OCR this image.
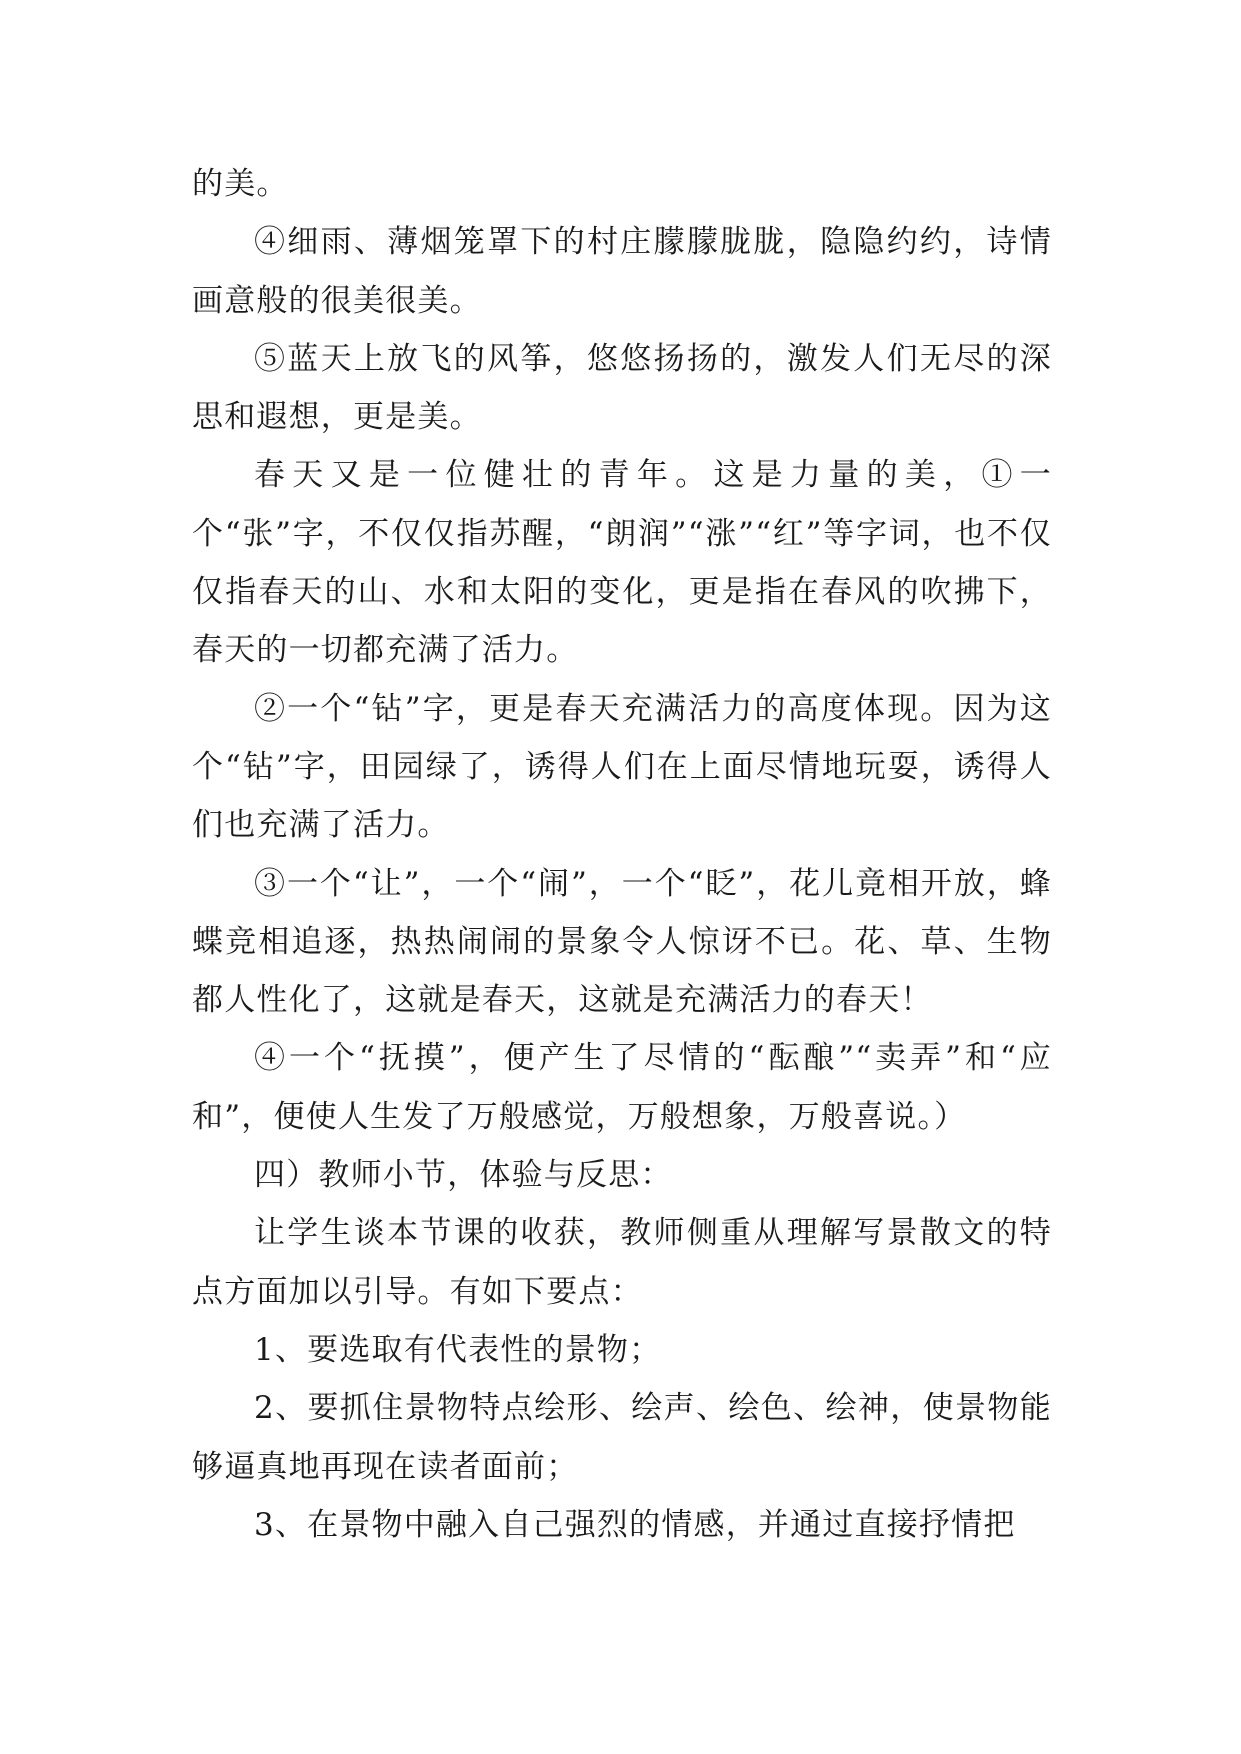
的美。

④细雨、薄烟笼罩下的村庄朦朦胧胧，隐隐约约，诗情画意般的很美很美。

⑤蓝天上放飞的风筝，悠悠扬扬的，激发人们无尽的深思和遐想，更是美。

春天又是一位健壮的青年。这是力量的美，①一个“张”字，不仅仅指苏醒，“朗润”“涨”“红”等字词，也不仅仅指春天的山、水和太阳的变化，更是指在春风的吹拂下，春天的一切都充满了活力。

②一个“钻”字，更是春天充满活力的高度体现。因为这个“钻”字，田园绿了，诱得人们在上面尽情地玩耍，诱得人们也充满了活力。

③一个“让”，一个“闹”，一个“眨”，花儿竟相开放，蜂蝶竞相追逐，热热闹闹的景象令人惊讶不已。花、草、生物都人性化了，这就是春天，这就是充满活力的春天！

④一个“抚摸”，便产生了尽情的“酝酿”“卖弄”和“应和”，便使人生发了万般感觉，万般想象，万般喜说。）

四）教师小节，体验与反思：

让学生谈本节课的收获，教师侧重从理解写景散文的特点方面加以引导。有如下要点：

1、要选取有代表性的景物；

2、要抓住景物特点绘形、绘声、绘色、绘神，使景物能够逼真地再现在读者面前；

3、在景物中融入自己强烈的情感，并通过直接抒情把
